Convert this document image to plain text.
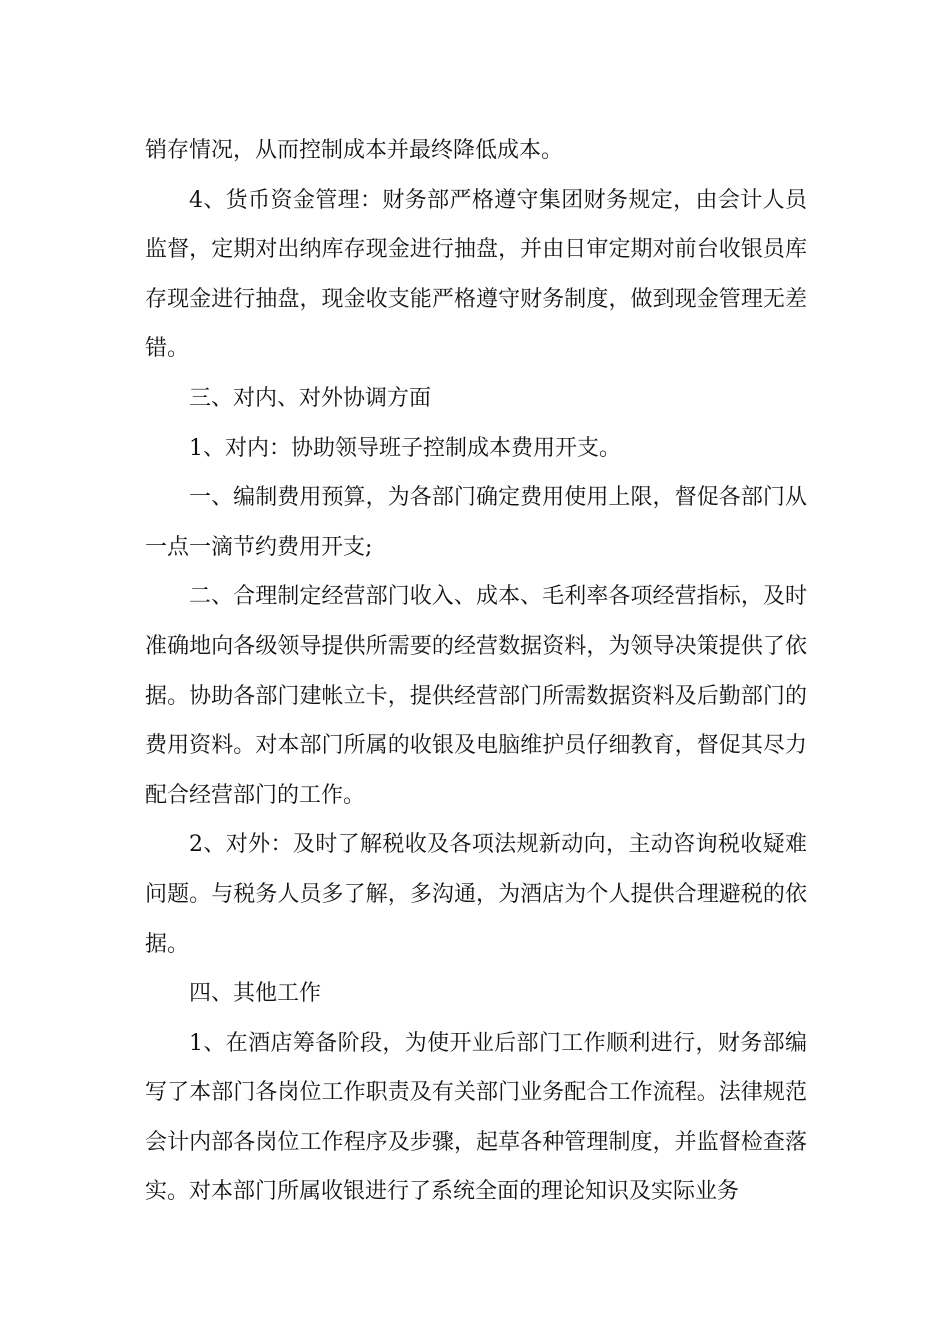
销存情况，从而控制成本并最终降低成本。

4、货币资金管理：财务部严格遵守集团财务规定，由会计人员监督，定期对出纳库存现金进行抽盘，并由日审定期对前台收银员库存现金进行抽盘，现金收支能严格遵守财务制度，做到现金管理无差错。

三、对内、对外协调方面

1、对内：协助领导班子控制成本费用开支。

一、编制费用预算，为各部门确定费用使用上限，督促各部门从一点一滴节约费用开支;

二、合理制定经营部门收入、成本、毛利率各项经营指标，及时准确地向各级领导提供所需要的经营数据资料，为领导决策提供了依据。协助各部门建帐立卡，提供经营部门所需数据资料及后勤部门的费用资料。对本部门所属的收银及电脑维护员仔细教育，督促其尽力配合经营部门的工作。

2、对外：及时了解税收及各项法规新动向，主动咨询税收疑难问题。与税务人员多了解，多沟通，为酒店为个人提供合理避税的依据。

四、其他工作

1、在酒店筹备阶段，为使开业后部门工作顺利进行，财务部编写了本部门各岗位工作职责及有关部门业务配合工作流程。法律规范会计内部各岗位工作程序及步骤，起草各种管理制度，并监督检查落实。对本部门所属收银进行了系统全面的理论知识及实际业务
